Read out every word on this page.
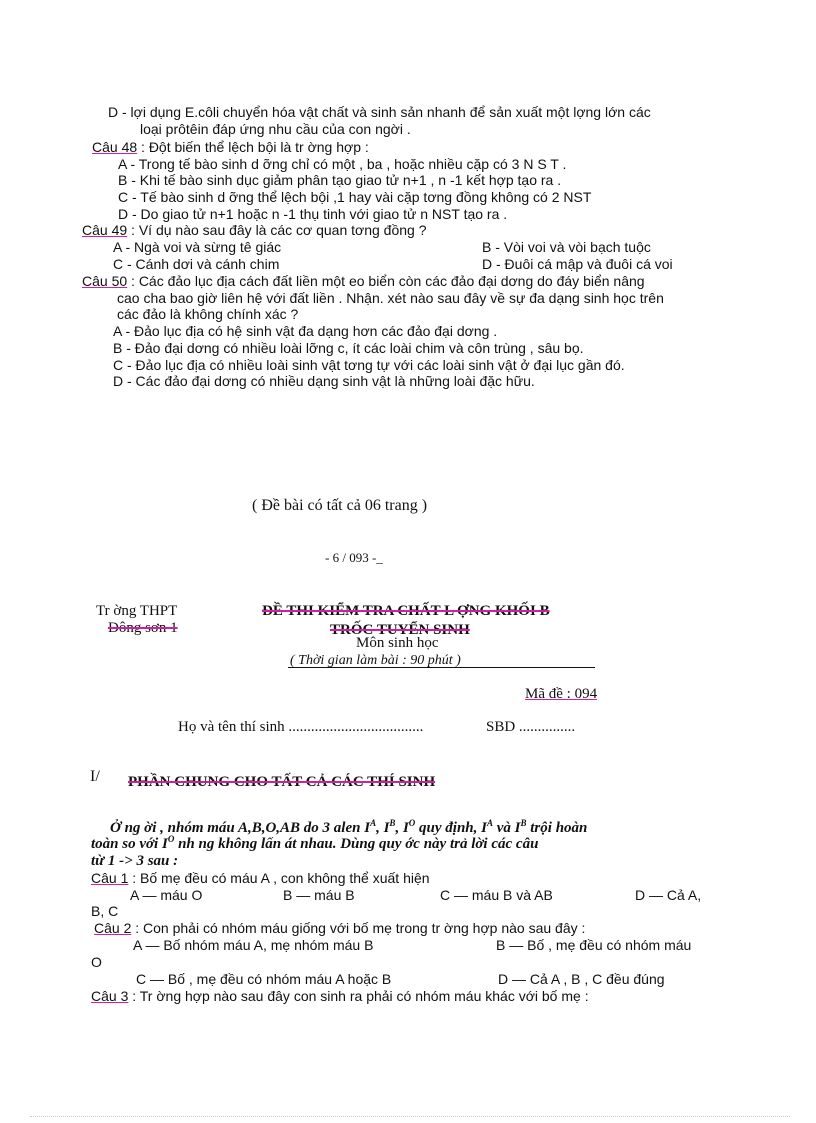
D - lợi dụng E.côli chuyển hóa vật chất và sinh sản nhanh để sản xuất một lợng lớn các
loại prôtêin đáp ứng nhu cầu của con ngời .
Câu 48 : Đột biến thể lệch bội là tr ờng hợp :
A - Trong tế bào sinh d ỡng chỉ có một , ba , hoặc nhiều cặp có 3 N S T .
B - Khi tế bào sinh dục giảm phân tạo giao tử n+1 , n -1 kết hợp tạo ra .
C - Tế bào sinh d ỡng thể lệch bội ,1 hay vài cặp tơng đồng không có 2 NST
D - Do giao tử n+1 hoặc n -1 thụ tinh với giao tử n NST tạo ra .
Câu 49 : Ví dụ nào sau đây là các cơ quan tơng đồng ?
A - Ngà voi và sừng tê giác	B - Vòi voi và vòi bạch tuộc
C - Cánh dơi và cánh chim	D - Đuôi cá mập và đuôi cá voi
Câu 50 : Các đảo lục địa cách đất liền một eo biển còn các đảo đại dơng do đáy biển nâng
cao cha bao giờ liên hệ với đất liền . Nhận. xét nào sau đây về sự đa dạng sinh học trên
các đảo là không chính xác ?
A - Đảo lục địa có hệ sinh vật đa dạng hơn các đảo đại dơng .
B - Đảo đại dơng có nhiều loài lỡng c, ít các loài chim và côn trùng , sâu bọ.
C - Đảo lục địa có nhiều loài sinh vật tơng tự với các loài sinh vật ở đại lục gần đó.
D - Các đảo đại dơng có nhiều dạng sinh vật là những loài đặc hữu.
( Đề bài có tất cả 06 trang )
- 6 / 093 -_
Tr ờng THPT
Đông sơn 1
ĐỀ THI KIỂM TRA CHẤT L ỢNG KHỐI B
TRỐC TUYỂN SINH
Môn sinh học
( Thời gian làm bài : 90 phút )
Mã đề : 094
Họ và tên thí sinh ....................................	SBD ...............
I/ PHẦN CHUNG CHO TẤT CẢ CÁC THÍ SINH
Ở ng ời , nhóm máu A,B,O,AB do 3 alen $I^A$, $I^B$, $I^O$ quy định, $I^A$ và $I^B$ trội hoàn
toàn so với $I^O$ nh ng không lấn át nhau. Dùng quy ớc này trả lời các câu
từ 1 -> 3 sau :
Câu 1 : Bố mẹ đều có máu A , con không thể xuất hiện
A — máu O	B — máu B	C — máu B và AB	D — Cả A,
B, C
Câu 2 : Con phải có nhóm máu giống với bố mẹ trong tr ờng hợp nào sau đây :
A — Bố nhóm máu A, mẹ nhóm máu B	B — Bố , mẹ đều có nhóm máu
O
C — Bố , mẹ đều có nhóm máu A hoặc B	D — Cả A , B , C đều đúng
Câu 3 : Tr ờng hợp nào sau đây con sinh ra phải có nhóm máu khác với bố mẹ :
